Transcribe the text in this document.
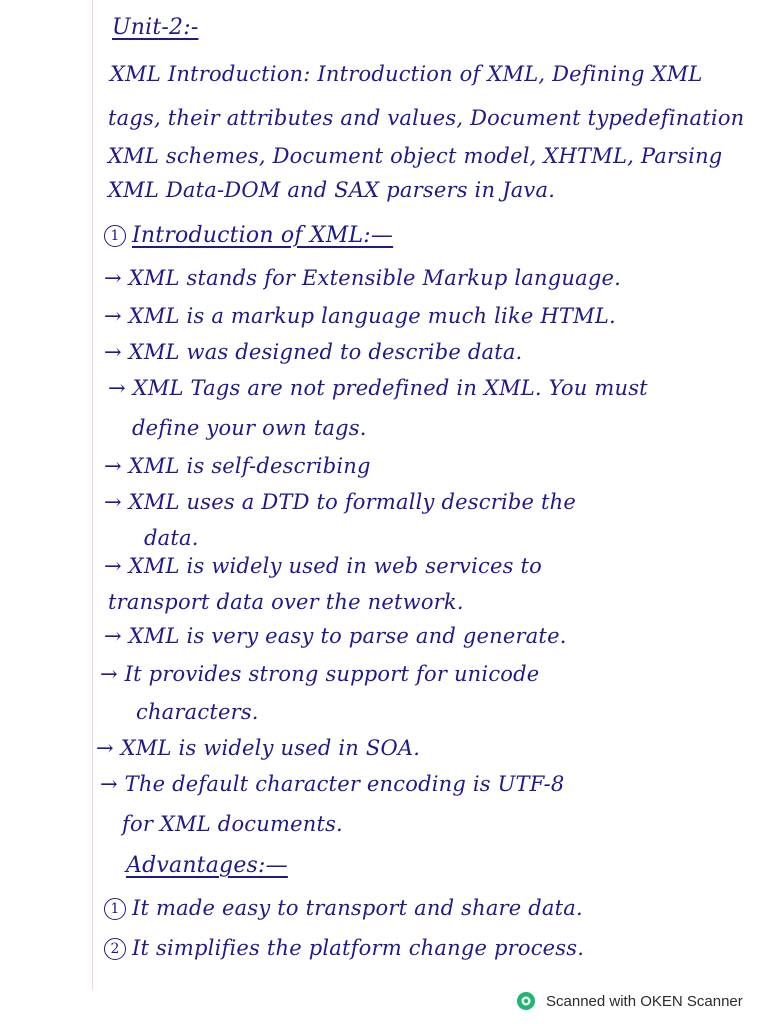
Unit-2:-
XML Introduction: Introduction of XML, Defining XML
tags, their attributes and values, Document typedefination
XML schemes, Document object model, XHTML, Parsing
XML Data-DOM and SAX parsers in Java.
1 Introduction of XML:—
→ XML stands for Extensible Markup language.
→ XML is a markup language much like HTML.
→ XML was designed to describe data.
→ XML Tags are not predefined in XML. You must
define your own tags.
→ XML is self-describing
→ XML uses a DTD to formally describe the
data.
→ XML is widely used in web services to
transport data over the network.
→ XML is very easy to parse and generate.
→ It provides strong support for unicode
characters.
→ XML is widely used in SOA.
→ The default character encoding is UTF-8
for XML documents.
Advantages:—
1 It made easy to transport and share data.
2 It simplifies the platform change process.
Scanned with OKEN Scanner
